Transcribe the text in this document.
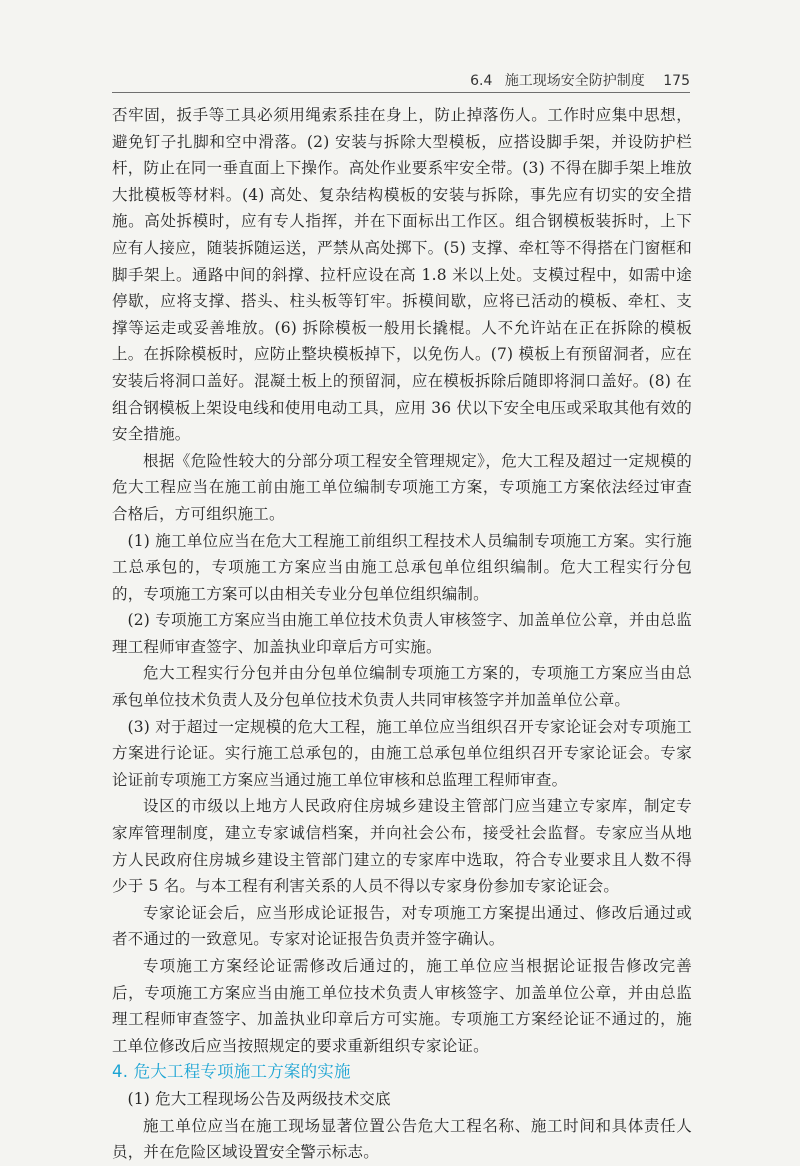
6.4 施工现场安全防护制度 175

否牢固，扳手等工具必须用绳索系挂在身上，防止掉落伤人。工作时应集中思想，避免钉子扎脚和空中滑落。(2) 安装与拆除大型模板，应搭设脚手架，并设防护栏杆，防止在同一垂直面上下操作。高处作业要系牢安全带。(3) 不得在脚手架上堆放大批模板等材料。(4) 高处、复杂结构模板的安装与拆除，事先应有切实的安全措施。高处拆模时，应有专人指挥，并在下面标出工作区。组合钢模板装拆时，上下应有人接应，随装拆随运送，严禁从高处掷下。(5) 支撑、牵杠等不得搭在门窗框和脚手架上。通路中间的斜撑、拉杆应设在高 1.8 米以上处。支模过程中，如需中途停歇，应将支撑、搭头、柱头板等钉牢。拆模间歇，应将已活动的模板、牵杠、支撑等运走或妥善堆放。(6) 拆除模板一般用长撬棍。人不允许站在正在拆除的模板上。在拆除模板时，应防止整块模板掉下，以免伤人。(7) 模板上有预留洞者，应在安装后将洞口盖好。混凝土板上的预留洞，应在模板拆除后随即将洞口盖好。(8) 在组合钢模板上架设电线和使用电动工具，应用 36 伏以下安全电压或采取其他有效的安全措施。

根据《危险性较大的分部分项工程安全管理规定》，危大工程及超过一定规模的危大工程应当在施工前由施工单位编制专项施工方案，专项施工方案依法经过审查合格后，方可组织施工。

(1) 施工单位应当在危大工程施工前组织工程技术人员编制专项施工方案。实行施工总承包的，专项施工方案应当由施工总承包单位组织编制。危大工程实行分包的，专项施工方案可以由相关专业分包单位组织编制。

(2) 专项施工方案应当由施工单位技术负责人审核签字、加盖单位公章，并由总监理工程师审查签字、加盖执业印章后方可实施。

危大工程实行分包并由分包单位编制专项施工方案的，专项施工方案应当由总承包单位技术负责人及分包单位技术负责人共同审核签字并加盖单位公章。

(3) 对于超过一定规模的危大工程，施工单位应当组织召开专家论证会对专项施工方案进行论证。实行施工总承包的，由施工总承包单位组织召开专家论证会。专家论证前专项施工方案应当通过施工单位审核和总监理工程师审查。

设区的市级以上地方人民政府住房城乡建设主管部门应当建立专家库，制定专家库管理制度，建立专家诚信档案，并向社会公布，接受社会监督。专家应当从地方人民政府住房城乡建设主管部门建立的专家库中选取，符合专业要求且人数不得少于 5 名。与本工程有利害关系的人员不得以专家身份参加专家论证会。

专家论证会后，应当形成论证报告，对专项施工方案提出通过、修改后通过或者不通过的一致意见。专家对论证报告负责并签字确认。

专项施工方案经论证需修改后通过的，施工单位应当根据论证报告修改完善后，专项施工方案应当由施工单位技术负责人审核签字、加盖单位公章，并由总监理工程师审查签字、加盖执业印章后方可实施。专项施工方案经论证不通过的，施工单位修改后应当按照规定的要求重新组织专家论证。

4. 危大工程专项施工方案的实施

(1) 危大工程现场公告及两级技术交底

施工单位应当在施工现场显著位置公告危大工程名称、施工时间和具体责任人员，并在危险区域设置安全警示标志。
